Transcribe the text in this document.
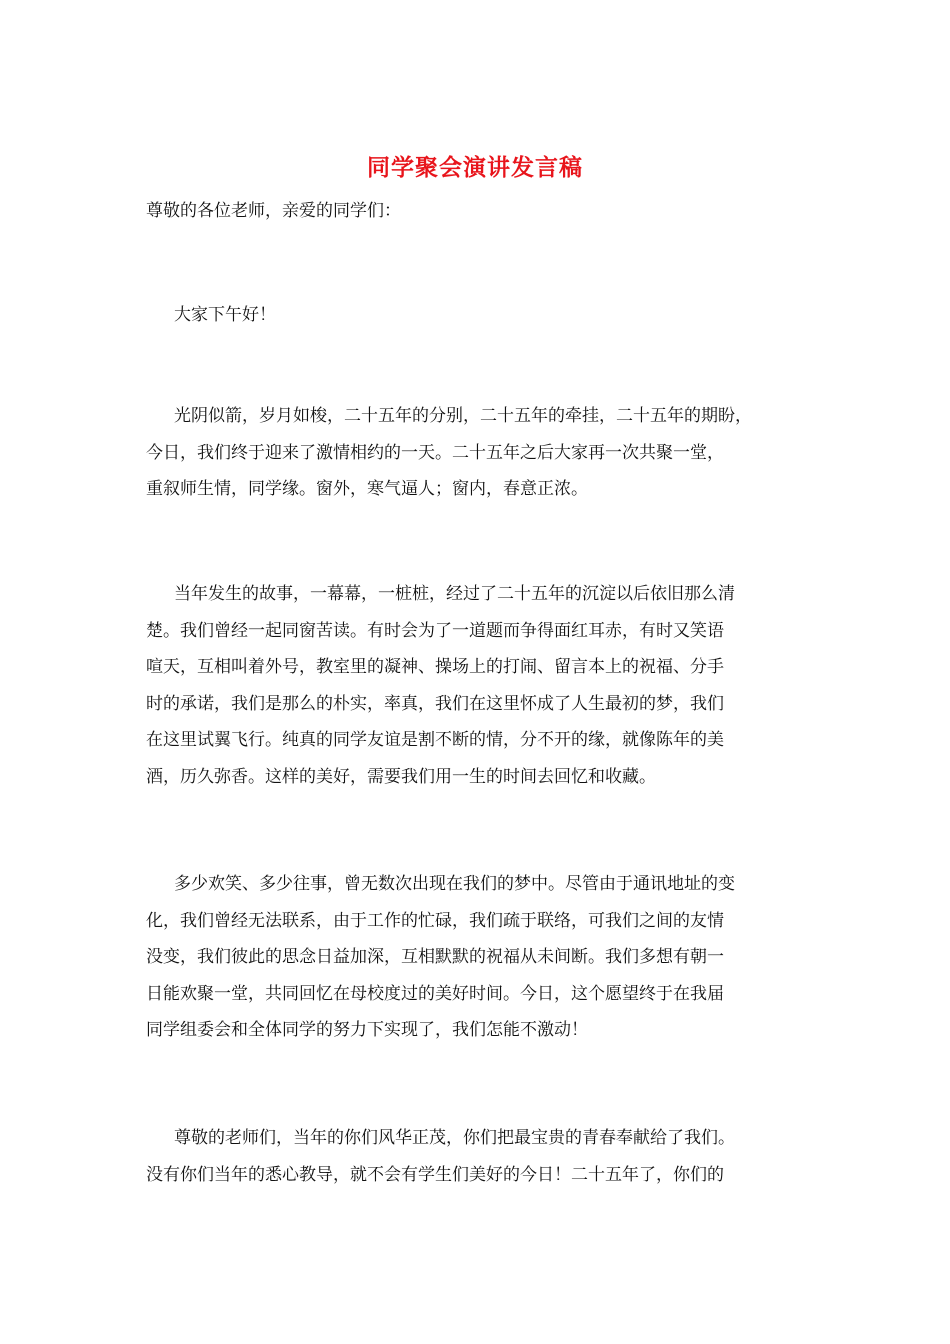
同学聚会演讲发言稿
尊敬的各位老师，亲爱的同学们：
大家下午好！
光阴似箭，岁月如梭，二十五年的分别，二十五年的牵挂，二十五年的期盼，
今日，我们终于迎来了激情相约的一天。二十五年之后大家再一次共聚一堂，
重叙师生情，同学缘。窗外，寒气逼人；窗内，春意正浓。
当年发生的故事，一幕幕，一桩桩，经过了二十五年的沉淀以后依旧那么清
楚。我们曾经一起同窗苦读。有时会为了一道题而争得面红耳赤，有时又笑语
喧天，互相叫着外号，教室里的凝神、操场上的打闹、留言本上的祝福、分手
时的承诺，我们是那么的朴实，率真，我们在这里怀成了人生最初的梦，我们
在这里试翼飞行。纯真的同学友谊是割不断的情，分不开的缘，就像陈年的美
酒，历久弥香。这样的美好，需要我们用一生的时间去回忆和收藏。
多少欢笑、多少往事，曾无数次出现在我们的梦中。尽管由于通讯地址的变
化，我们曾经无法联系，由于工作的忙碌，我们疏于联络，可我们之间的友情
没变，我们彼此的思念日益加深，互相默默的祝福从未间断。我们多想有朝一
日能欢聚一堂，共同回忆在母校度过的美好时间。今日，这个愿望终于在我届
同学组委会和全体同学的努力下实现了，我们怎能不激动！
尊敬的老师们，当年的你们风华正茂，你们把最宝贵的青春奉献给了我们。
没有你们当年的悉心教导，就不会有学生们美好的今日！二十五年了，你们的
